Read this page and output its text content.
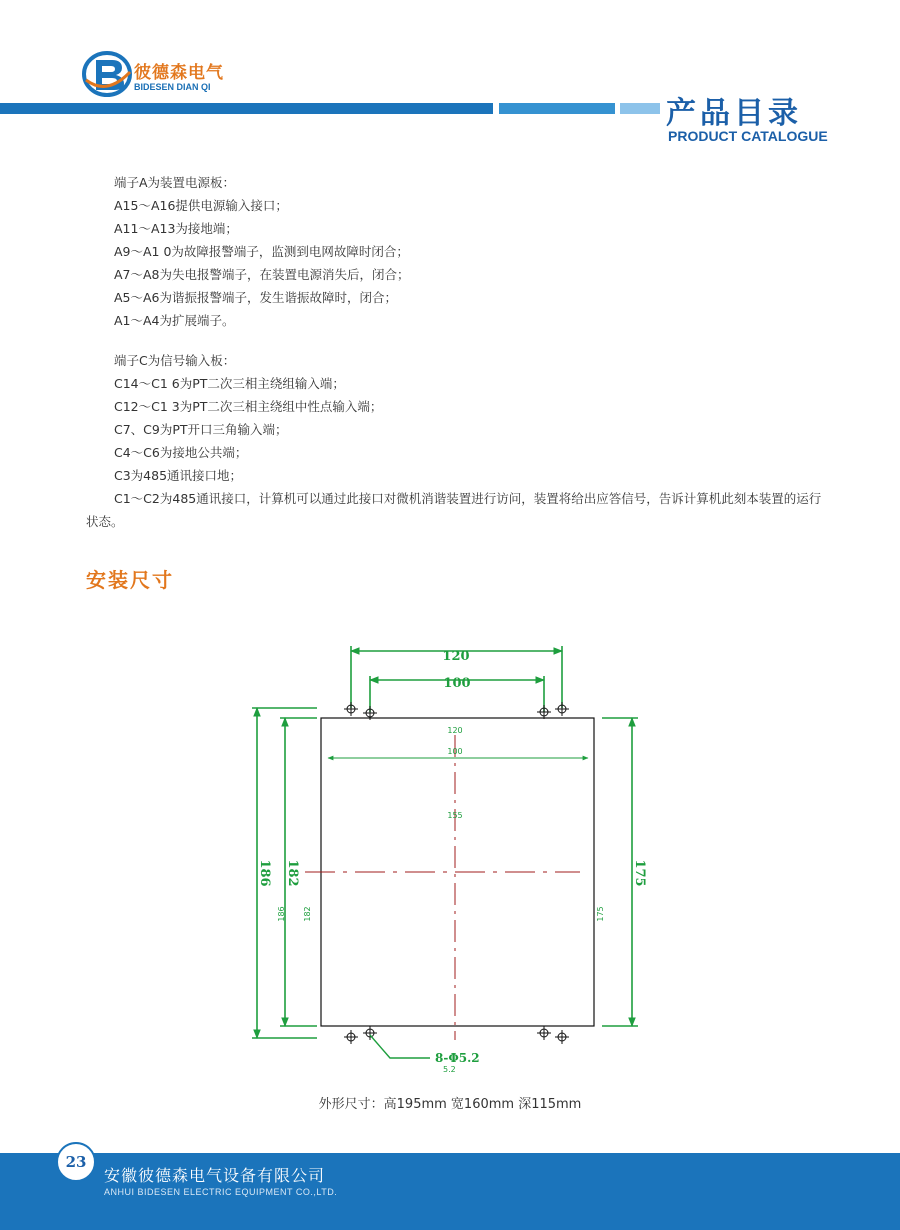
彼德森电气
BIDESEN DIAN QI
产品目录
PRODUCT CATALOGUE
端子A为装置电源板：
A15～A16提供电源输入接口；
A11～A13为接地端；
A9～A1 0为故障报警端子，监测到电网故障时闭合；
A7～A8为失电报警端子，在装置电源消失后，闭合；
A5～A6为谐振报警端子，发生谐振故障时，闭合；
A1～A4为扩展端子。
端子C为信号输入板：
C14～C1 6为PT二次三相主绕组输入端；
C12～C1 3为PT二次三相主绕组中性点输入端；
C7、C9为PT开口三角输入端；
C4～C6为接地公共端；
C3为485通讯接口地；
C1～C2为485通讯接口，计算机可以通过此接口对微机消谐装置进行访问，装置将给出应答信号，告诉计算机此刻本装置的运行状态。
安装尺寸
120
100
120
100
155
186 182
186 182
175
175
8-Φ5.2
5.2
外形尺寸：高195mm 宽160mm 深115mm
23
安徽彼德森电气设备有限公司
ANHUI BIDESEN ELECTRIC EQUIPMENT CO.,LTD.
